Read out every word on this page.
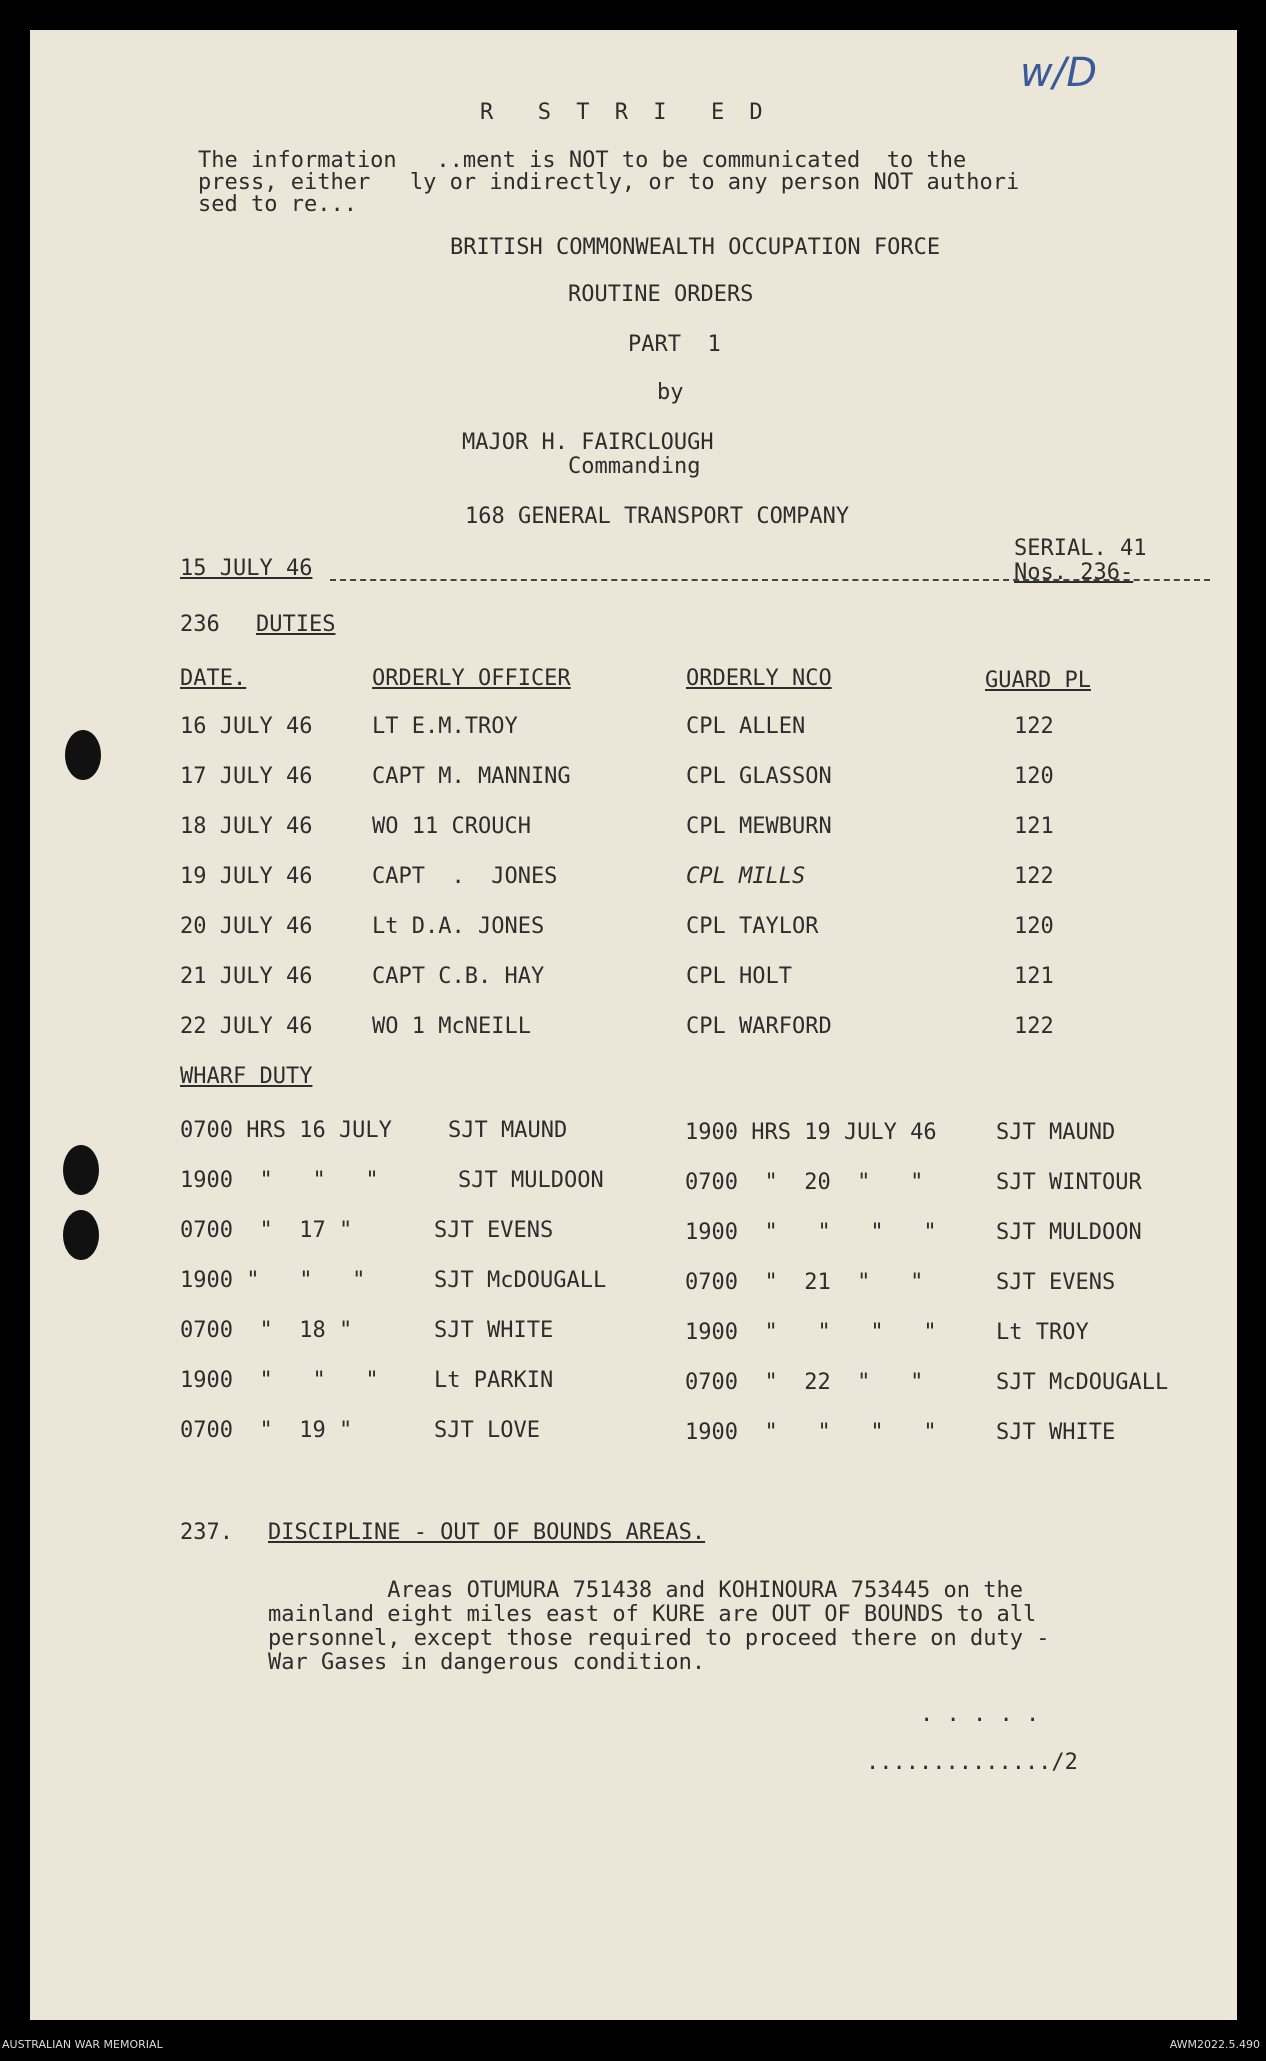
w/D
R  S T R I  E D
The information   ..ment is NOT to be communicated  to the
press, either   ly or indirectly, or to any person NOT authori
sed to re...
BRITISH COMMONWEALTH OCCUPATION FORCE
ROUTINE ORDERS
PART  1
by
MAJOR H. FAIRCLOUGH
Commanding
168 GENERAL TRANSPORT COMPANY
15 JULY 46
SERIAL. 41
Nos. 236-
236 DUTIES
DATE.	ORDERLY OFFICER	ORDERLY NCO	GUARD PL
16 JULY 46	LT E.M.TROY	CPL ALLEN	122
17 JULY 46	CAPT M. MANNING	CPL GLASSON	120
18 JULY 46	WO 11 CROUCH	CPL MEWBURN	121
19 JULY 46	CAPT  .  JONES	CPL MILLS	122
20 JULY 46	Lt D.A. JONES	CPL TAYLOR	120
21 JULY 46	CAPT C.B. HAY	CPL HOLT	121
22 JULY 46	WO 1 McNEILL	CPL WARFORD	122
WHARF DUTY
0700 HRS 16 JULY	SJT MAUND	1900 HRS 19 JULY 46	SJT MAUND
1900  "   "   "	SJT MULDOON	0700  "  20  "   "	SJT WINTOUR
0700  "  17 "	SJT EVENS	1900  "   "   "   "	SJT MULDOON
1900 "   "   "	SJT McDOUGALL	0700  "  21  "   "	SJT EVENS
0700  "  18 "	SJT WHITE	1900  "   "   "   "	Lt TROY
1900  "   "   "	Lt PARKIN	0700  "  22  "   "	SJT McDOUGALL
0700  "  19 "	SJT LOVE	1900  "   "   "   "	SJT WHITE
237. DISCIPLINE - OUT OF BOUNDS AREAS.
Areas OTUMURA 751438 and KOHINOURA 753445 on the
mainland eight miles east of KURE are OUT OF BOUNDS to all
personnel, except those required to proceed there on duty -
War Gases in dangerous condition.
. . . . .
............../2
AUSTRALIAN WAR MEMORIAL	AWM2022.5.490
